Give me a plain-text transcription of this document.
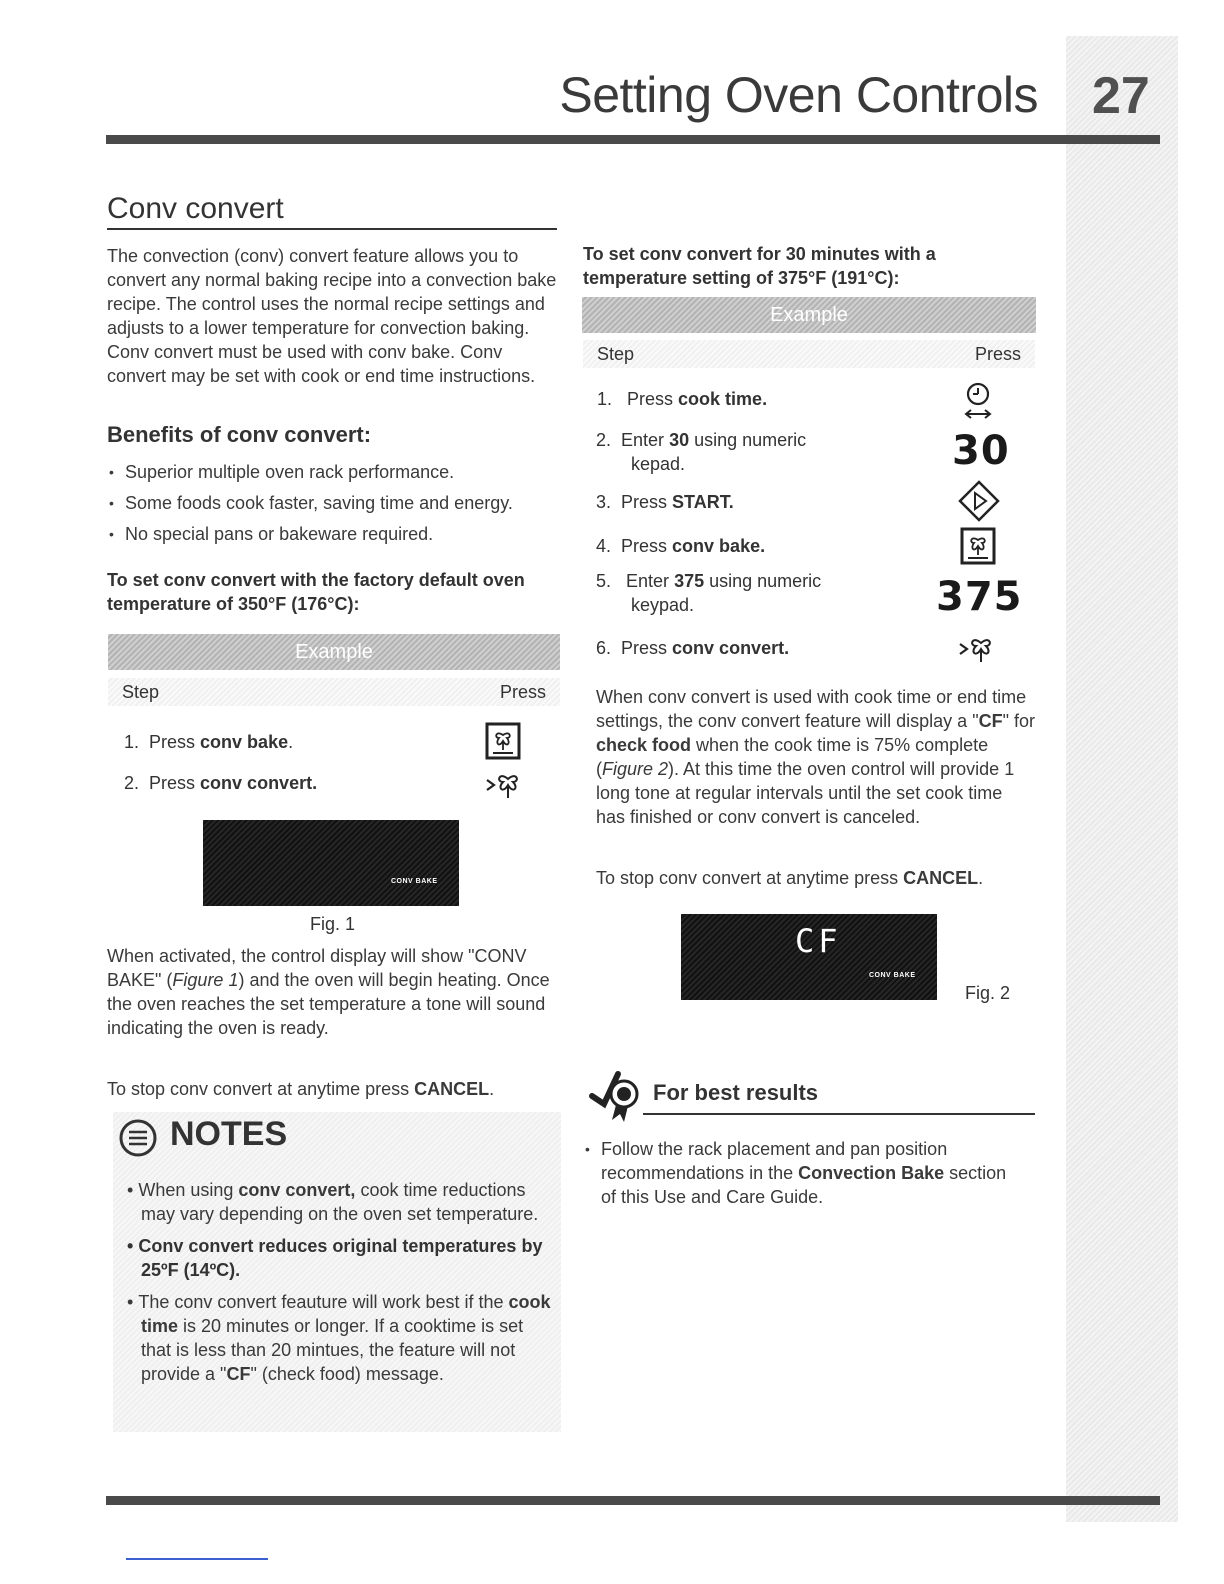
Setting Oven Controls 27
Conv convert
The convection (conv) convert feature allows you to convert any normal baking recipe into a convection bake recipe. The control uses the normal recipe settings and adjusts to a lower temperature for convection baking. Conv convert must be used with conv bake. Conv convert may be set with cook or end time instructions.
Benefits of conv convert:
• Superior multiple oven rack performance.
• Some foods cook faster, saving time and energy.
• No special pans or bakeware required.
To set conv convert with the factory default oven temperature of 350°F (176°C):
Example
Step	Press
1. Press conv bake.
2. Press conv convert.
CONV BAKE
Fig. 1
When activated, the control display will show "CONV BAKE" (Figure 1) and the oven will begin heating. Once the oven reaches the set temperature a tone will sound indicating the oven is ready.
To stop conv convert at anytime press CANCEL.
NOTES
• When using conv convert, cook time reductions may vary depending on the oven set temperature.
• Conv convert reduces original temperatures by 25ºF (14ºC).
• The conv convert feauture will work best if the cook time is 20 minutes or longer. If a cooktime is set that is less than 20 mintues, the feature will not provide a "CF" (check food) message.
To set conv convert for 30 minutes with a temperature setting of 375°F (191°C):
Example
Step	Press
1. Press cook time.
2. Enter 30 using numeric
kepad.
3. Press START.
4. Press conv bake.
5. Enter 375 using numeric
keypad.
6. Press conv convert.
30
375
When conv convert is used with cook time or end time settings, the conv convert feature will display a "CF" for check food when the cook time is 75% complete (Figure 2). At this time the oven control will provide 1 long tone at regular intervals until the set cook time has finished or conv convert is canceled.
To stop conv convert at anytime press CANCEL.
CF
CONV BAKE
Fig. 2
For best results
• Follow the rack placement and pan position recommendations in the Convection Bake section of this Use and Care Guide.
